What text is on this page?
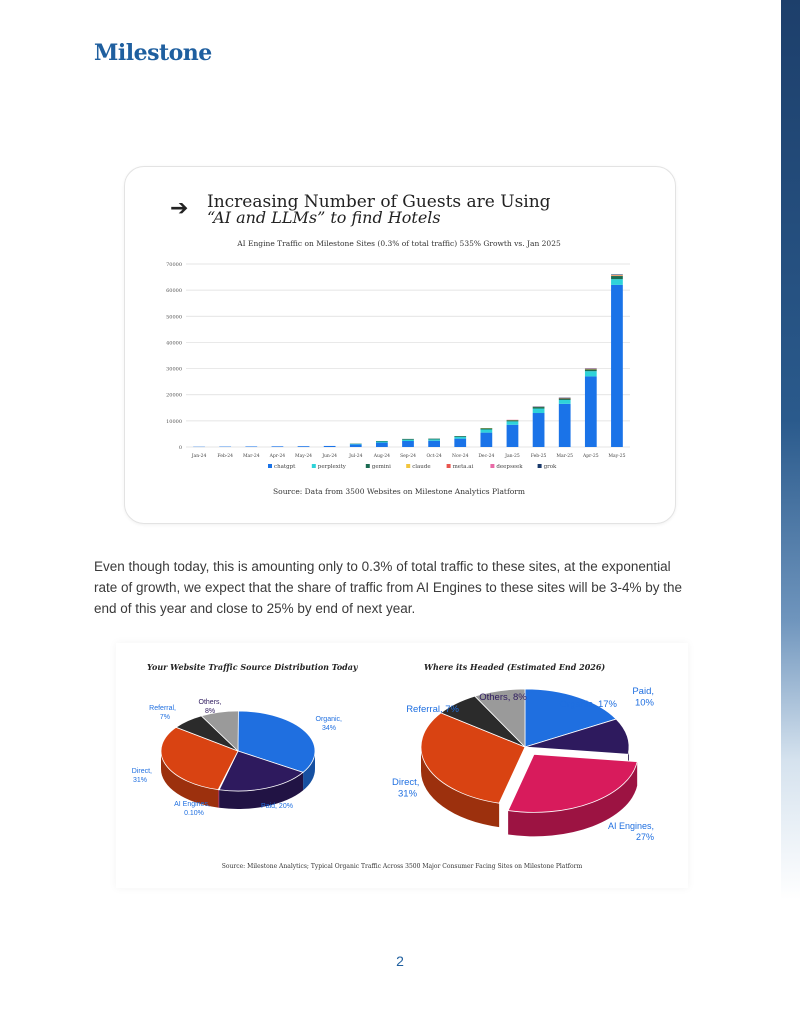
Milestone
➔ Increasing Number of Guests are Using
“AI and LLMs” to find Hotels
AI Engine Traffic on Milestone Sites (0.3% of total traffic) 535% Growth vs. Jan 2025
0
10000
20000
30000
40000
50000
60000
70000
Jan-24 Feb-24 Mar-24 Apr-24 May-24 Jun-24	Jul-24	Aug-24 Sep-24 Oct-24 Nov-24 Dec-24 Jan-25 Feb-25 Mar-25 Apr-25 May-25
chatgpt	perplexity	gemini	claude	meta.ai	deepseek	grok
Source: Data from 3500 Websites on Milestone Analytics Platform
Even though today, this is amounting only to 0.3% of total traffic to these sites, at the exponential rate of growth, we expect that the share of traffic from AI Engines to these sites will be 3-4% by the end of this year and close to 25% by end of next year.
Your Website Traffic Source Distribution Today	Where its Headed (Estimated End 2026)
Organic,
34%
Paid, 20%
AI Engines,
0.10%
Direct,
31%
Referral,
7%
Others,
8%
Organic, 17%
Paid,
10%
AI Engines,
27%
Direct,
31%
Referral, 7%
Others, 8%
Source: Milestone Analytics; Typical Organic Traffic Across 3500 Major Consumer Facing Sites on Milestone Platform
2
